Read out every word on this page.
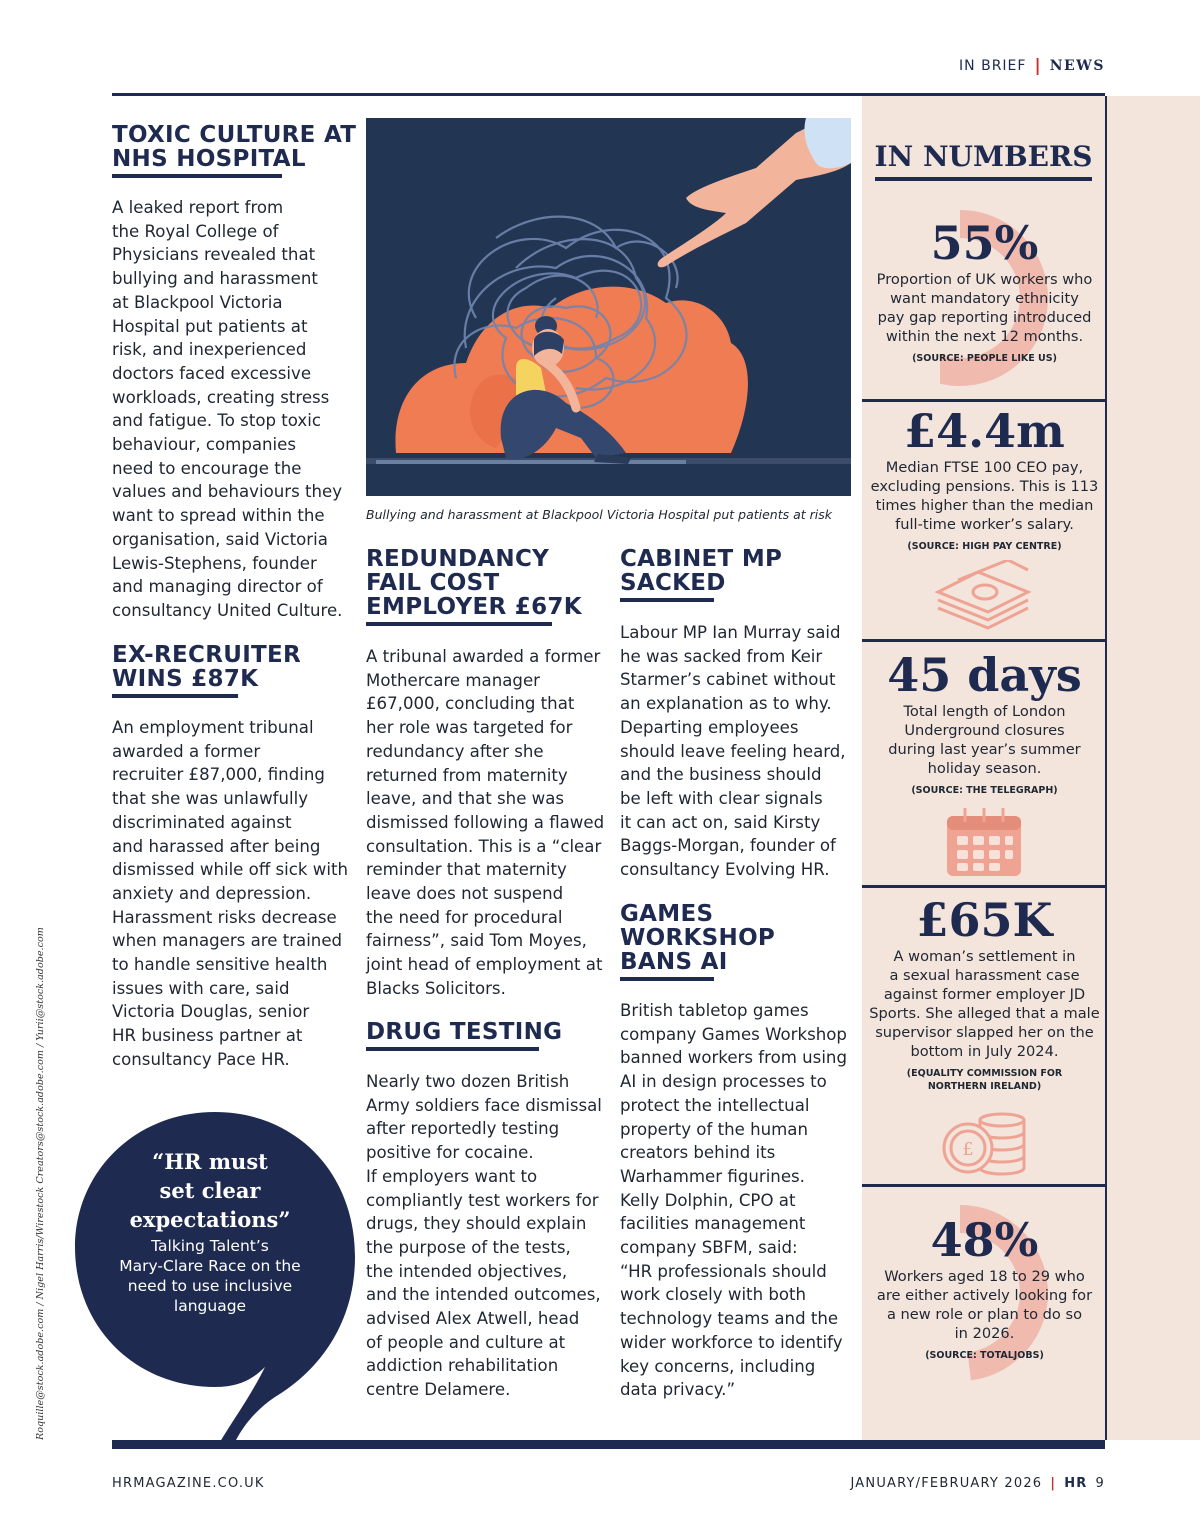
IN BRIEF | NEWS
TOXIC CULTURE AT
NHS HOSPITAL
A leaked report from
the Royal College of
Physicians revealed that
bullying and harassment
at Blackpool Victoria
Hospital put patients at
risk, and inexperienced
doctors faced excessive
workloads, creating stress
and fatigue. To stop toxic
behaviour, companies
need to encourage the
values and behaviours they
want to spread within the
organisation, said Victoria
Lewis-Stephens, founder
and managing director of
consultancy United Culture.
EX-RECRUITER
WINS £87K
An employment tribunal
awarded a former
recruiter £87,000, finding
that she was unlawfully
discriminated against
and harassed after being
dismissed while off sick with
anxiety and depression.
Harassment risks decrease
when managers are trained
to handle sensitive health
issues with care, said
Victoria Douglas, senior
HR business partner at
consultancy Pace HR.
Bullying and harassment at Blackpool Victoria Hospital put patients at risk
REDUNDANCY
FAIL COST
EMPLOYER £67K
A tribunal awarded a former
Mothercare manager
£67,000, concluding that
her role was targeted for
redundancy after she
returned from maternity
leave, and that she was
dismissed following a flawed
consultation. This is a “clear
reminder that maternity
leave does not suspend
the need for procedural
fairness”, said Tom Moyes,
joint head of employment at
Blacks Solicitors.
DRUG TESTING
Nearly two dozen British
Army soldiers face dismissal
after reportedly testing
positive for cocaine.
If employers want to
compliantly test workers for
drugs, they should explain
the purpose of the tests,
the intended objectives,
and the intended outcomes,
advised Alex Atwell, head
of people and culture at
addiction rehabilitation
centre Delamere.
CABINET MP
SACKED
Labour MP Ian Murray said
he was sacked from Keir
Starmer’s cabinet without
an explanation as to why.
Departing employees
should leave feeling heard,
and the business should
be left with clear signals
it can act on, said Kirsty
Baggs-Morgan, founder of
consultancy Evolving HR.
GAMES
WORKSHOP
BANS AI
British tabletop games
company Games Workshop
banned workers from using
AI in design processes to
protect the intellectual
property of the human
creators behind its
Warhammer figurines.
Kelly Dolphin, CPO at
facilities management
company SBFM, said:
“HR professionals should
work closely with both
technology teams and the
wider workforce to identify
key concerns, including
data privacy.”
“HR must
set clear
expectations”
Talking Talent’s
Mary-Clare Race on the
need to use inclusive
language
Roquille@stock.adobe.com / Nigel Harris/Wirestock Creators@stock.adobe.com / Yurii@stock.adobe.com
IN NUMBERS
55%
Proportion of UK workers who
want mandatory ethnicity
pay gap reporting introduced
within the next 12 months.
(SOURCE: PEOPLE LIKE US)
£4.4m
Median FTSE 100 CEO pay,
excluding pensions. This is 113
times higher than the median
full-time worker’s salary.
(SOURCE: HIGH PAY CENTRE)
45 days
Total length of London
Underground closures
during last year’s summer
holiday season.
(SOURCE: THE TELEGRAPH)
£65K
A woman’s settlement in
a sexual harassment case
against former employer JD
Sports. She alleged that a male
supervisor slapped her on the
bottom in July 2024.
(EQUALITY COMMISSION FOR
NORTHERN IRELAND)
£
48%
Workers aged 18 to 29 who
are either actively looking for
a new role or plan to do so
in 2026.
(SOURCE: TOTALJOBS)
HRMAGAZINE.CO.UK	JANUARY/FEBRUARY 2026 | HR 9
